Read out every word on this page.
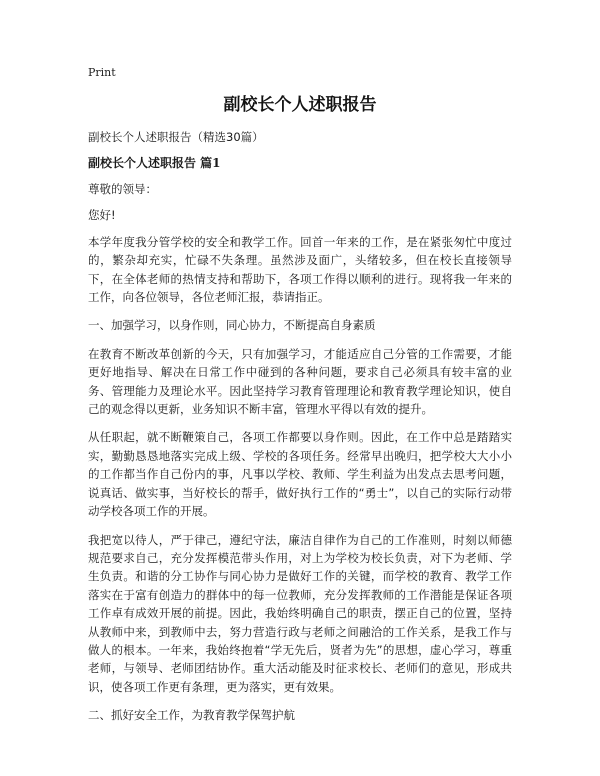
Print
副校长个人述职报告
副校长个人述职报告（精选30篇）
副校长个人述职报告 篇1
尊敬的领导：
您好!
本学年度我分管学校的安全和教学工作。回首一年来的工作，是在紧张匆忙中度过的，繁杂却充实，忙碌不失条理。虽然涉及面广，头绪较多，但在校长直接领导下，在全体老师的热情支持和帮助下，各项工作得以顺利的进行。现将我一年来的工作，向各位领导，各位老师汇报，恭请指正。
一、加强学习，以身作则，同心协力，不断提高自身素质
在教育不断改革创新的今天，只有加强学习，才能适应自己分管的工作需要，才能更好地指导、解决在日常工作中碰到的各种问题，要求自己必须具有较丰富的业务、管理能力及理论水平。因此坚持学习教育管理理论和教育教学理论知识，使自己的观念得以更新，业务知识不断丰富，管理水平得以有效的提升。
从任职起，就不断鞭策自己，各项工作都要以身作则。因此，在工作中总是踏踏实实，勤勤恳恳地落实完成上级、学校的各项任务。经常早出晚归，把学校大大小小的工作都当作自己份内的事，凡事以学校、教师、学生利益为出发点去思考问题，说真话、做实事，当好校长的帮手，做好执行工作的“勇士”，以自己的实际行动带动学校各项工作的开展。
我把宽以待人，严于律己，遵纪守法，廉洁自律作为自己的工作准则，时刻以师德规范要求自己，充分发挥模范带头作用，对上为学校为校长负责，对下为老师、学生负责。和谐的分工协作与同心协力是做好工作的关键，而学校的教育、教学工作落实在于富有创造力的群体中的每一位教师，充分发挥教师的工作潜能是保证各项工作卓有成效开展的前提。因此，我始终明确自己的职责，摆正自己的位置，坚持从教师中来，到教师中去，努力营造行政与老师之间融洽的工作关系，是我工作与做人的根本。一年来，我始终抱着“学无先后，贤者为先”的思想，虚心学习，尊重老师，与领导、老师团结协作。重大活动能及时征求校长、老师们的意见，形成共识，使各项工作更有条理，更为落实，更有效果。
二、抓好安全工作，为教育教学保驾护航
